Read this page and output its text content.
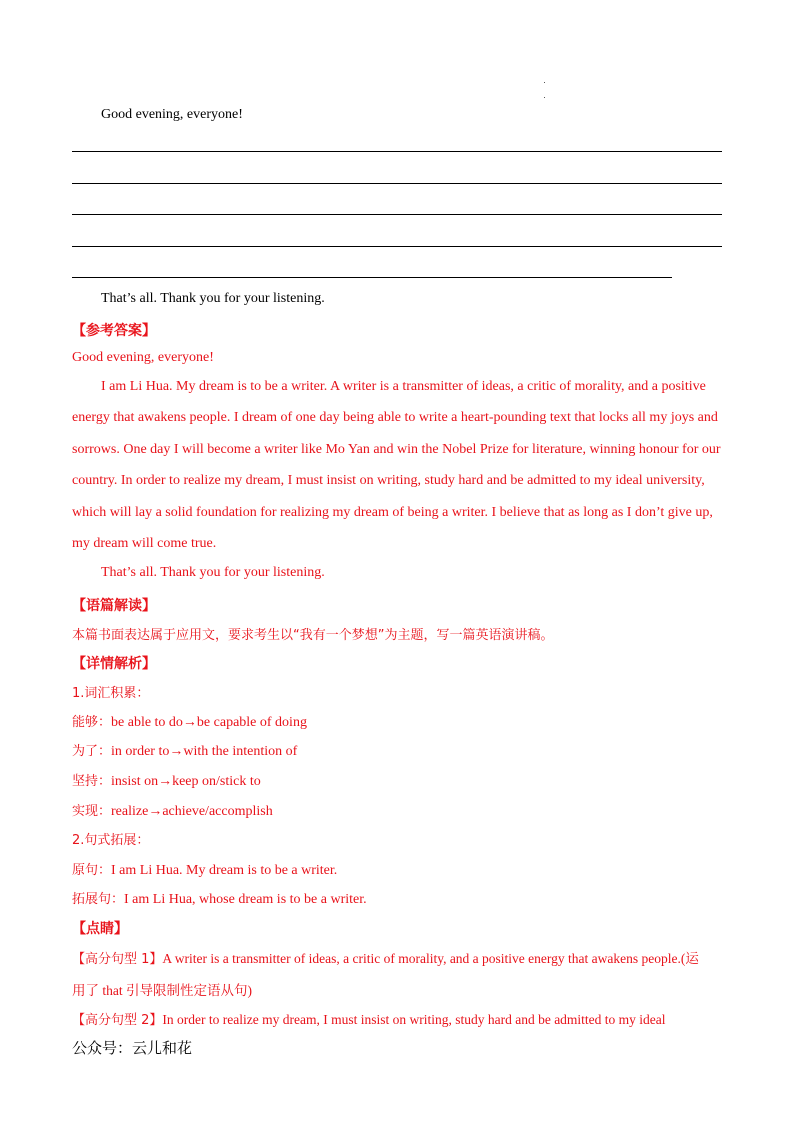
Good evening, everyone!
That’s all. Thank you for your listening.
【参考答案】
Good evening, everyone!
I am Li Hua. My dream is to be a writer. A writer is a transmitter of ideas, a critic of morality, and a positive
energy that awakens people. I dream of one day being able to write a heart-pounding text that locks all my joys and
sorrows. One day I will become a writer like Mo Yan and win the Nobel Prize for literature, winning honour for our
country. In order to realize my dream, I must insist on writing, study hard and be admitted to my ideal university,
which will lay a solid foundation for realizing my dream of being a writer. I believe that as long as I don’t give up,
my dream will come true.
That’s all. Thank you for your listening.
【语篇解读】
本篇书面表达属于应用文，要求考生以“我有一个梦想”为主题，写一篇英语演讲稿。
【详情解析】
1.词汇积累：
能够：be able to do→be capable of doing
为了：in order to→with the intention of
坚持：insist on→keep on/stick to
实现：realize→achieve/accomplish
2.句式拓展：
原句：I am Li Hua. My dream is to be a writer.
拓展句：I am Li Hua, whose dream is to be a writer.
【点睛】
【高分句型 1】A writer is a transmitter of ideas, a critic of morality, and a positive energy that awakens people.(运
用了 that 引导限制性定语从句)
【高分句型 2】In order to realize my dream, I must insist on writing, study hard and be admitted to my ideal
公众号：云儿和花
